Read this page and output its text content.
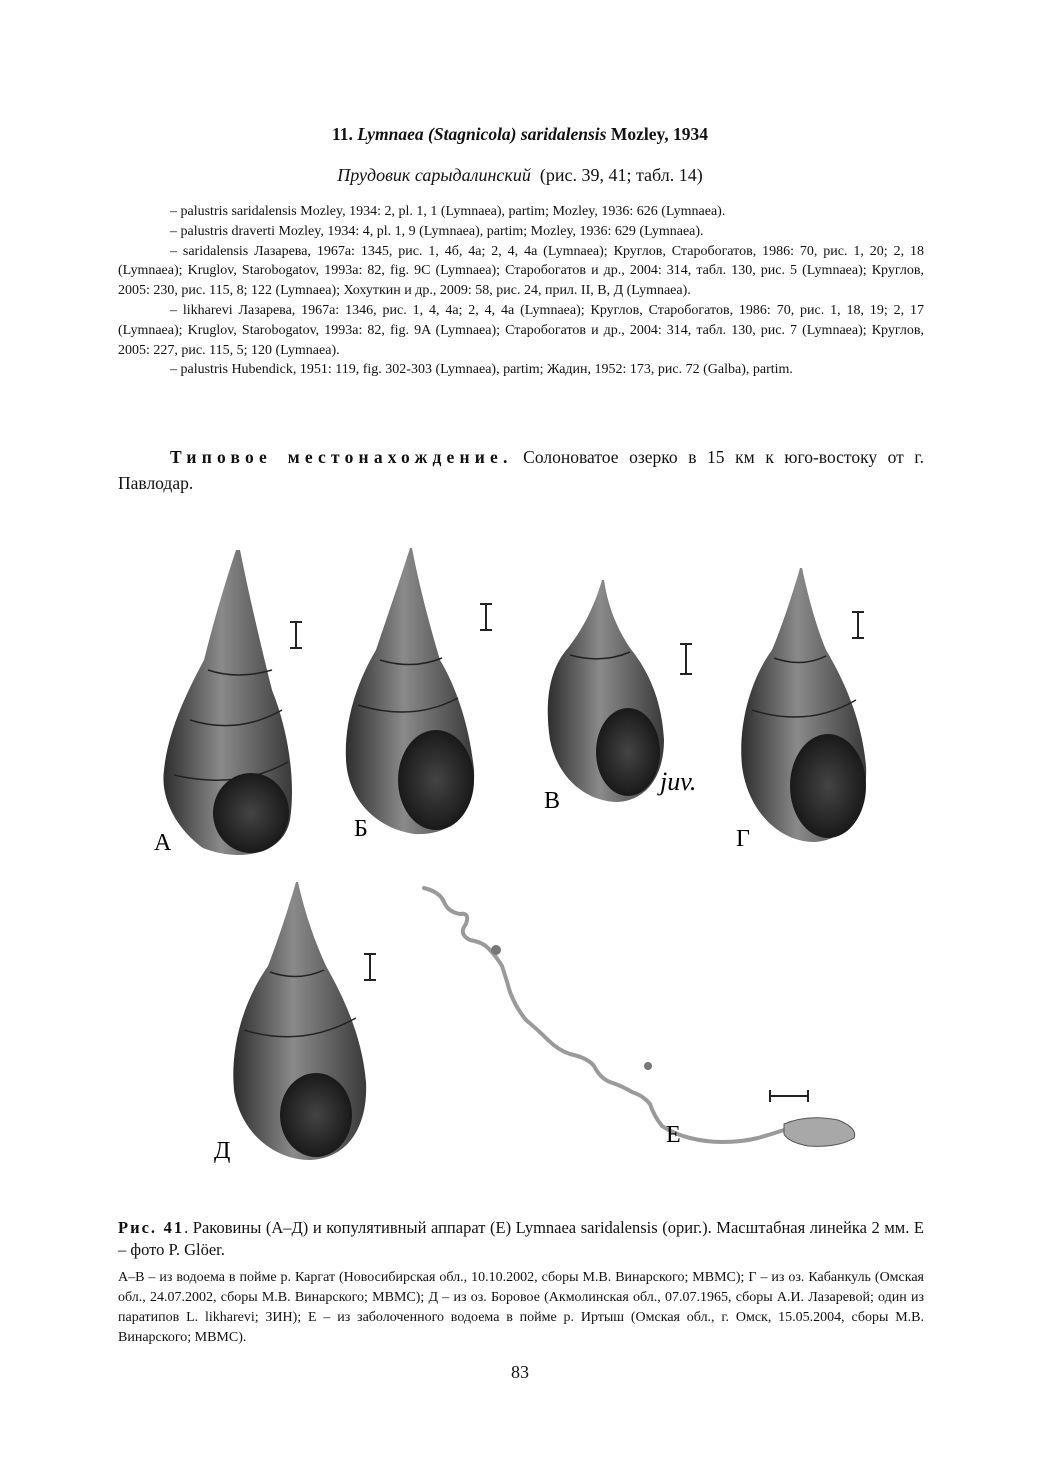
11. Lymnaea (Stagnicola) saridalensis Mozley, 1934
Прудовик сарыдалинский (рис. 39, 41; табл. 14)

– palustris saridalensis Mozley, 1934: 2, pl. 1, 1 (Lymnaea), partim; Mozley, 1936: 626 (Lymnaea).

– palustris draverti Mozley, 1934: 4, pl. 1, 9 (Lymnaea), partim; Mozley, 1936: 629 (Lymnaea).

– saridalensis Лазарева, 1967a: 1345, рис. 1, 4б, 4а; 2, 4, 4а (Lymnaea); Круглов, Старобогатов, 1986: 70, рис. 1, 20; 2, 18 (Lymnaea); Kruglov, Starobogatov, 1993a: 82, fig. 9C (Lymnaea); Старобогатов и др., 2004: 314, табл. 130, рис. 5 (Lymnaea); Круглов, 2005: 230, рис. 115, 8; 122 (Lymnaea); Хохуткин и др., 2009: 58, рис. 24, прил. II, В, Д (Lymnaea).

– likharevi Лазарева, 1967a: 1346, рис. 1, 4, 4a; 2, 4, 4a (Lymnaea); Круглов, Старобогатов, 1986: 70, рис. 1, 18, 19; 2, 17 (Lymnaea); Kruglov, Starobogatov, 1993a: 82, fig. 9A (Lymnaea); Старобогатов и др., 2004: 314, табл. 130, рис. 7 (Lymnaea); Круглов, 2005: 227, рис. 115, 5; 120 (Lymnaea).

– palustris Hubendick, 1951: 119, fig. 302-303 (Lymnaea), partim; Жадин, 1952: 173, рис. 72 (Galba), partim.

Типовое местонахождение. Солоноватое озерко в 15 км к юго-востоку от г. Павлодар.
А
Б
В
juv.
Г
Д
Е
Рис. 41. Раковины (А–Д) и копулятивный аппарат (Е) Lymnaea saridalensis (ориг.). Масштабная линейка 2 мм. Е – фото P. Glöer.
А–В – из водоема в пойме р. Каргат (Новосибирская обл., 10.10.2002, сборы М.В. Винарского; МВМС); Г – из оз. Кабанкуль (Омская обл., 24.07.2002, сборы М.В. Винарского; МВМС); Д – из оз. Боровое (Акмолинская обл., 07.07.1965, сборы А.И. Лазаревой; один из паратипов L. likharevi; ЗИН); Е – из заболоченного водоема в пойме р. Иртыш (Омская обл., г. Омск, 15.05.2004, сборы М.В. Винарского; МВМС).
83
